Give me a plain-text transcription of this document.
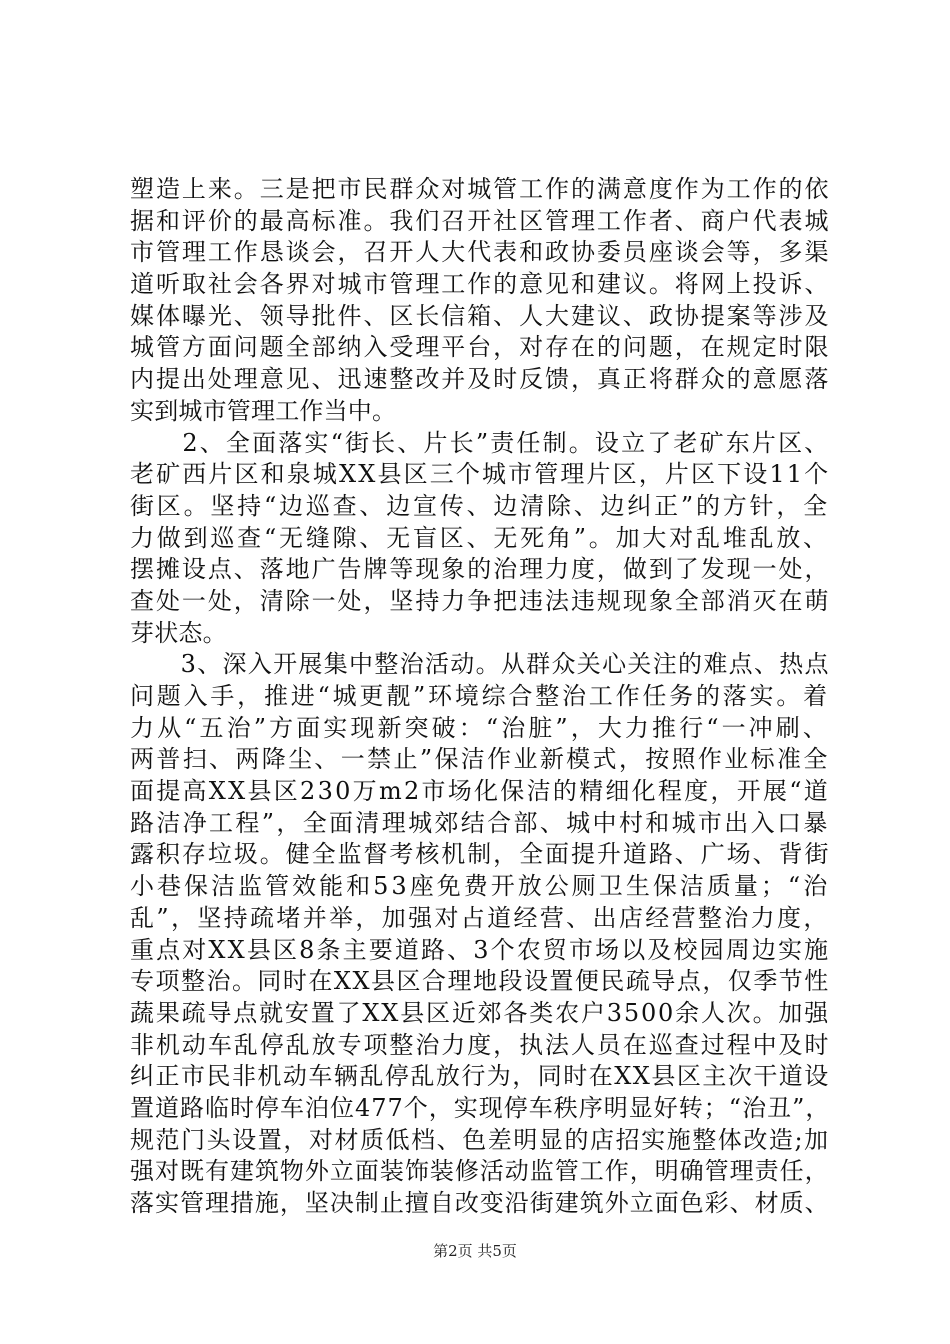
塑造上来。三是把市民群众对城管工作的满意度作为工作的依
据和评价的最高标准。我们召开社区管理工作者、商户代表城
市管理工作恳谈会，召开人大代表和政协委员座谈会等，多渠
道听取社会各界对城市管理工作的意见和建议。将网上投诉、
媒体曝光、领导批件、区长信箱、人大建议、政协提案等涉及
城管方面问题全部纳入受理平台，对存在的问题，在规定时限
内提出处理意见、迅速整改并及时反馈，真正将群众的意愿落
实到城市管理工作当中。
　　2、全面落实“街长、片长”责任制。设立了老矿东片区、
老矿西片区和泉城XX县区三个城市管理片区，片区下设11个
街区。坚持“边巡查、边宣传、边清除、边纠正”的方针，全
力做到巡查“无缝隙、无盲区、无死角”。加大对乱堆乱放、
摆摊设点、落地广告牌等现象的治理力度，做到了发现一处，
查处一处，清除一处，坚持力争把违法违规现象全部消灭在萌
芽状态。
　　3、深入开展集中整治活动。从群众关心关注的难点、热点
问题入手，推进“城更靓”环境综合整治工作任务的落实。着
力从“五治”方面实现新突破：“治脏”，大力推行“一冲刷、
两普扫、两降尘、一禁止”保洁作业新模式，按照作业标准全
面提高XX县区230万m2市场化保洁的精细化程度，开展“道
路洁净工程”，全面清理城郊结合部、城中村和城市出入口暴
露积存垃圾。健全监督考核机制，全面提升道路、广场、背街
小巷保洁监管效能和53座免费开放公厕卫生保洁质量；“治
乱”，坚持疏堵并举，加强对占道经营、出店经营整治力度，
重点对XX县区8条主要道路、3个农贸市场以及校园周边实施
专项整治。同时在XX县区合理地段设置便民疏导点，仅季节性
蔬果疏导点就安置了XX县区近郊各类农户3500余人次。加强
非机动车乱停乱放专项整治力度，执法人员在巡查过程中及时
纠正市民非机动车辆乱停乱放行为，同时在XX县区主次干道设
置道路临时停车泊位477个，实现停车秩序明显好转；“治丑”，
规范门头设置，对材质低档、色差明显的店招实施整体改造;加
强对既有建筑物外立面装饰装修活动监管工作，明确管理责任，
落实管理措施，坚决制止擅自改变沿街建筑外立面色彩、材质、
第2页 共5页
